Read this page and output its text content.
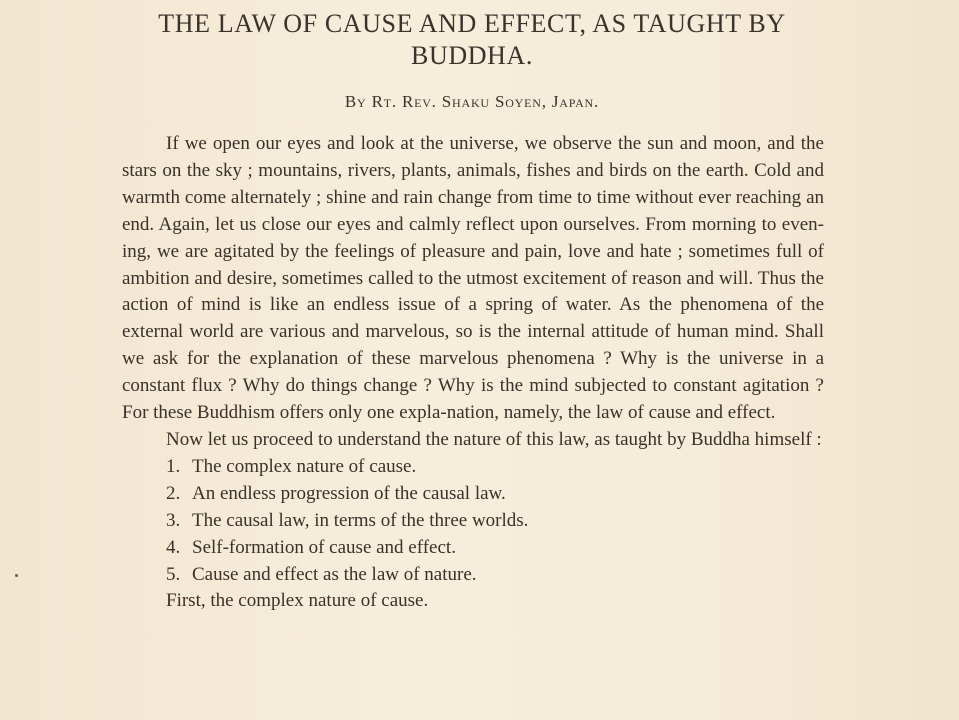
THE LAW OF CAUSE AND EFFECT, AS TAUGHT BY BUDDHA.
By Rt. Rev. Shaku Soyen, Japan.

If we open our eyes and look at the universe, we observe the sun and moon, and the stars on the sky ; mountains, rivers, plants, animals, fishes and birds on the earth. Cold and warmth come alternately ; shine and rain change from time to time without ever reaching an end. Again, let us close our eyes and calmly reflect upon ourselves. From morning to even-ing, we are agitated by the feelings of pleasure and pain, love and hate ; sometimes full of ambition and desire, sometimes called to the utmost excitement of reason and will. Thus the action of mind is like an endless issue of a spring of water. As the phenomena of the external world are various and marvelous, so is the internal attitude of human mind. Shall we ask for the explanation of these marvelous phenomena ? Why is the universe in a constant flux ? Why do things change ? Why is the mind subjected to constant agitation ? For these Buddhism offers only one expla-nation, namely, the law of cause and effect.

Now let us proceed to understand the nature of this law, as taught by Buddha himself :

1. The complex nature of cause.
2. An endless progression of the causal law.
3. The causal law, in terms of the three worlds.
4. Self-formation of cause and effect.
5. Cause and effect as the law of nature.

First, the complex nature of cause.
